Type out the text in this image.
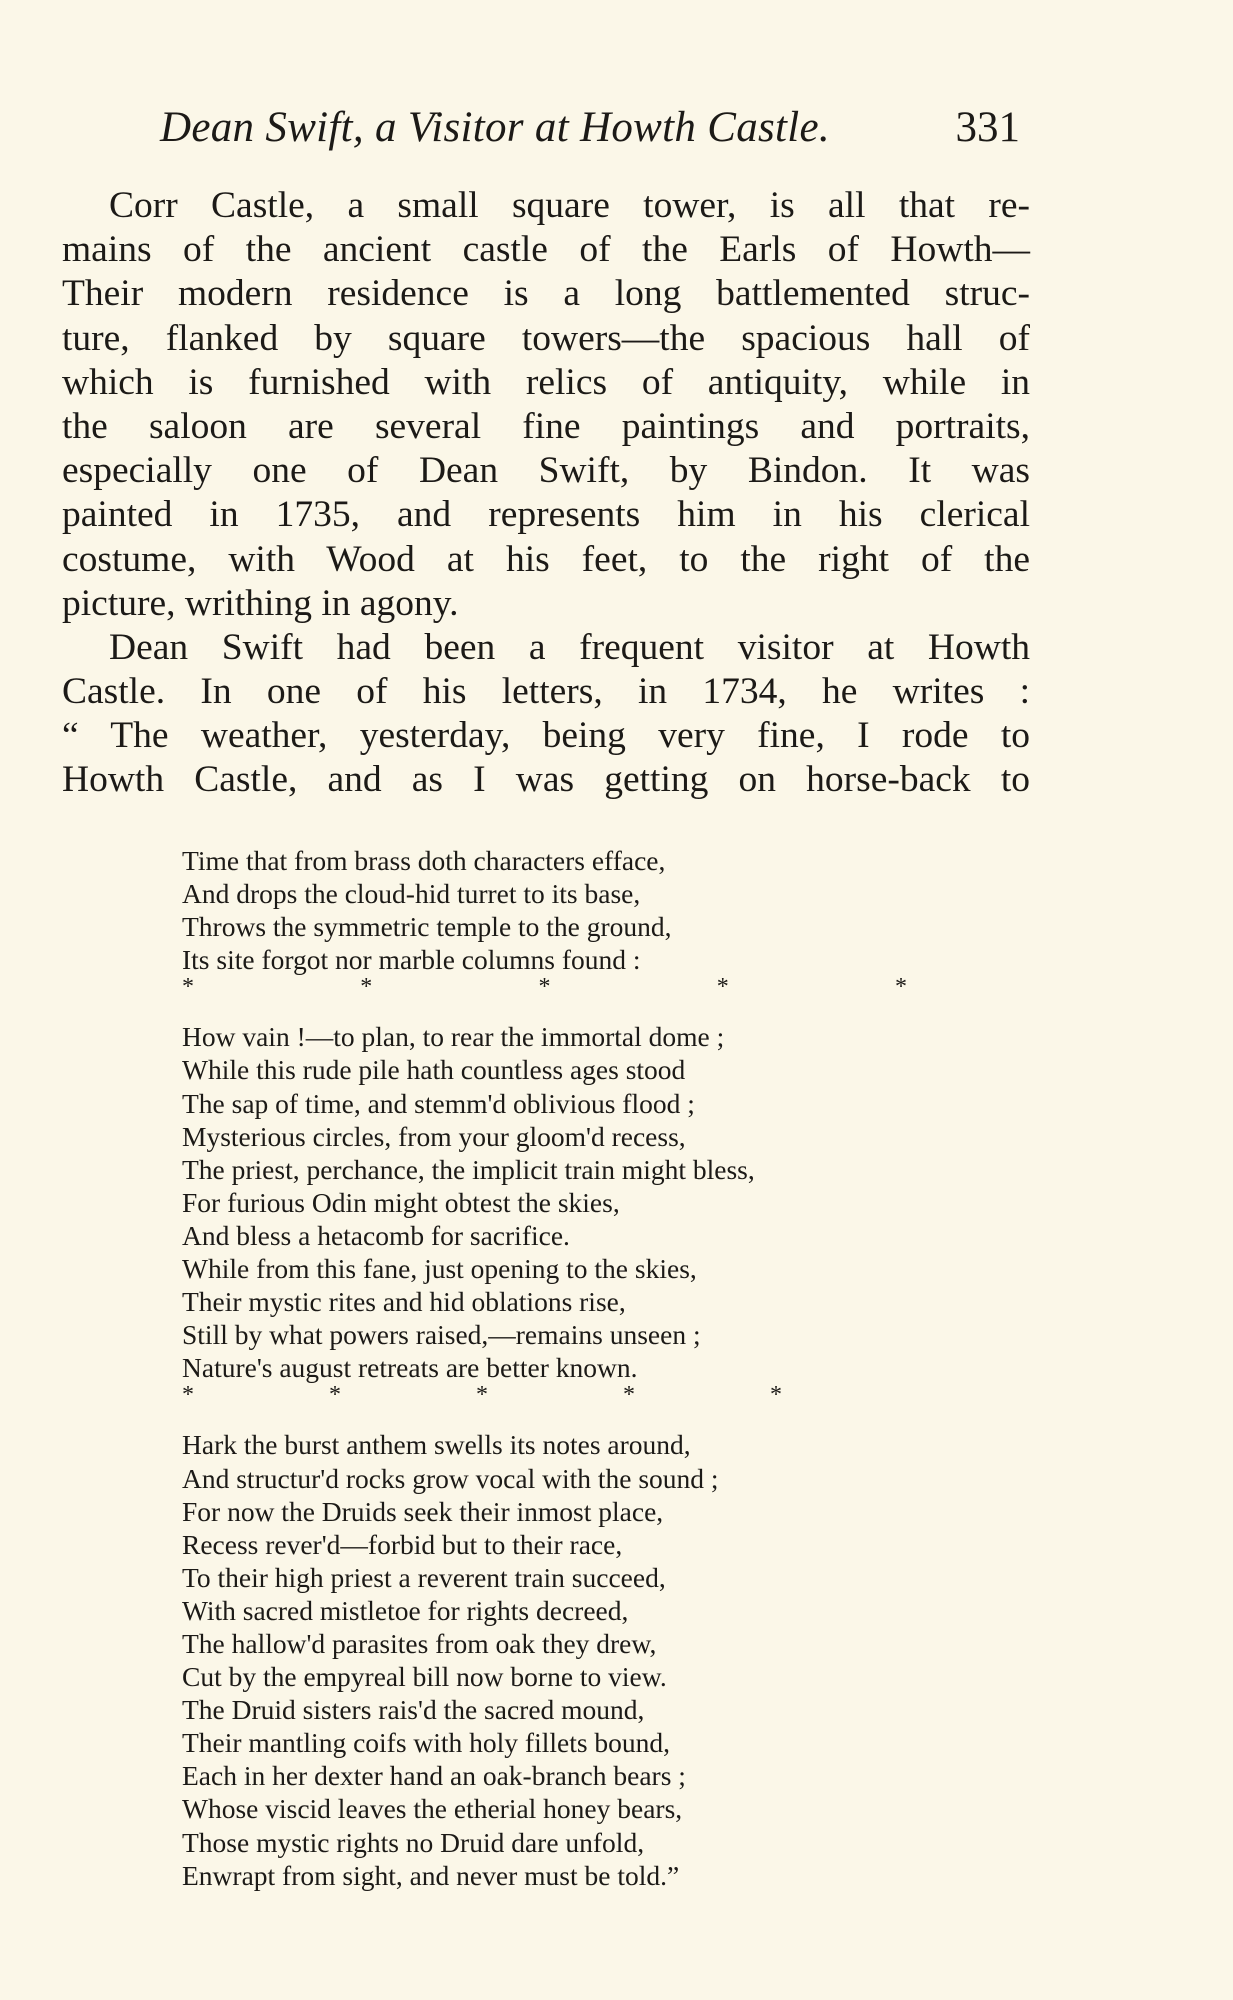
Dean Swift, a Visitor at Howth Castle.	331
Corr Castle, a small square tower, is all that re-
mains of the ancient castle of the Earls of Howth—
Their modern residence is a long battlemented struc-
ture, flanked by square towers—the spacious hall of
which is furnished with relics of antiquity, while in
the saloon are several fine paintings and portraits,
especially one of Dean Swift, by Bindon. It was
painted in 1735, and represents him in his clerical
costume, with Wood at his feet, to the right of the
picture, writhing in agony.
Dean Swift had been a frequent visitor at Howth
Castle. In one of his letters, in 1734, he writes :
“ The weather, yesterday, being very fine, I rode to
Howth Castle, and as I was getting on horse-back to
Time that from brass doth characters efface,
And drops the cloud-hid turret to its base,
Throws the symmetric temple to the ground,
Its site forgot nor marble columns found :
*	*	*	*	*
How vain !—to plan, to rear the immortal dome ;
While this rude pile hath countless ages stood
The sap of time, and stemm'd oblivious flood ;
Mysterious circles, from your gloom'd recess,
The priest, perchance, the implicit train might bless,
For furious Odin might obtest the skies,
And bless a hetacomb for sacrifice.
While from this fane, just opening to the skies,
Their mystic rites and hid oblations rise,
Still by what powers raised,—remains unseen ;
Nature's august retreats are better known.
*	*	*	*	*
Hark the burst anthem swells its notes around,
And structur'd rocks grow vocal with the sound ;
For now the Druids seek their inmost place,
Recess rever'd—forbid but to their race,
To their high priest a reverent train succeed,
With sacred mistletoe for rights decreed,
The hallow'd parasites from oak they drew,
Cut by the empyreal bill now borne to view.
The Druid sisters rais'd the sacred mound,
Their mantling coifs with holy fillets bound,
Each in her dexter hand an oak-branch bears ;
Whose viscid leaves the etherial honey bears,
Those mystic rights no Druid dare unfold,
Enwrapt from sight, and never must be told.”
